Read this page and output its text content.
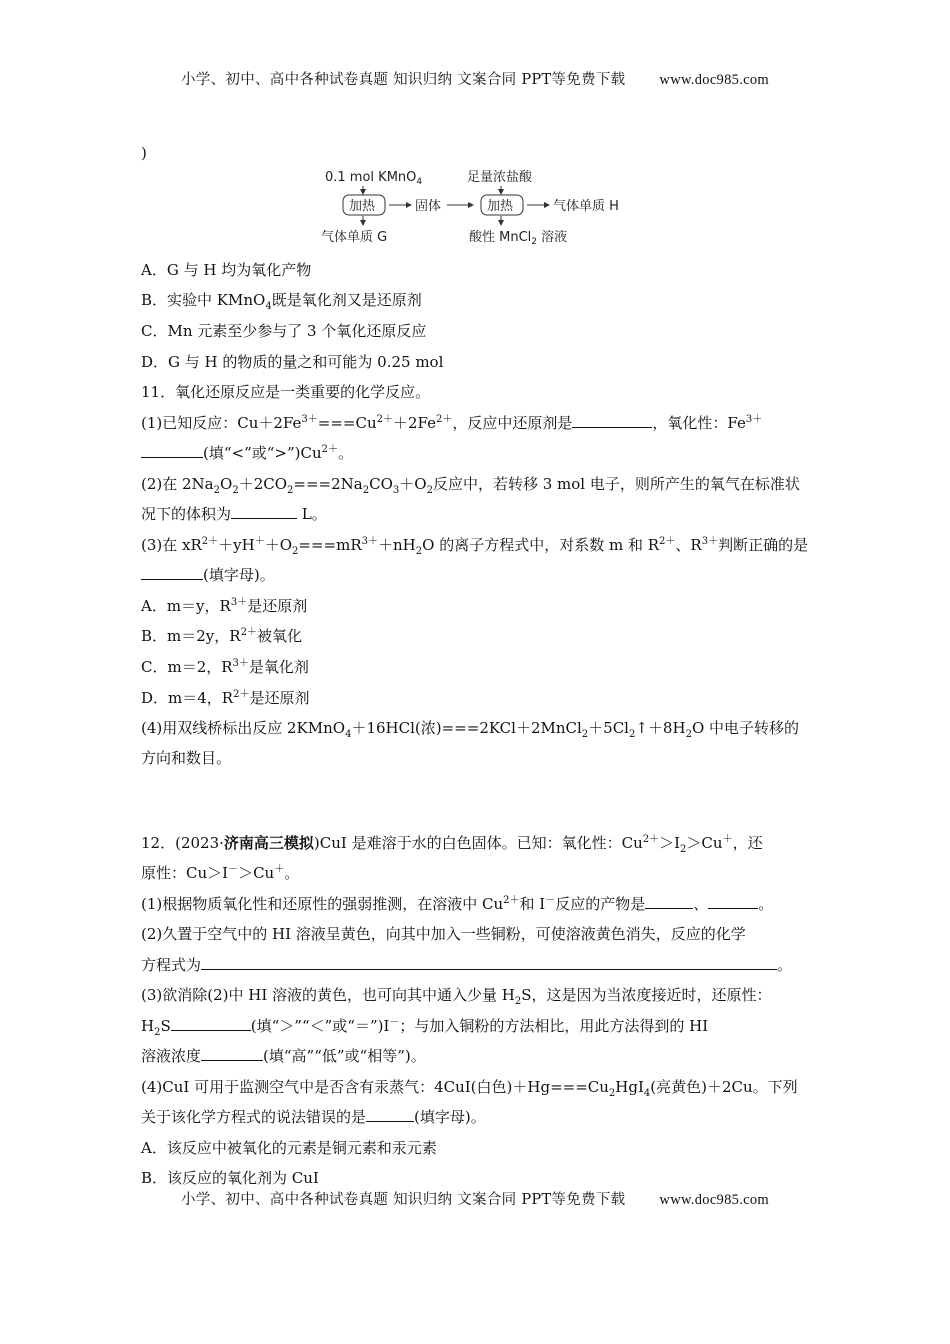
小学、初中、高中各种试卷真题 知识归纳 文案合同 PPT等免费下载 www.doc985.com
)
0.1 mol KMnO$_4$
加热	固体
足量浓盐酸
加热	气体单质 H
气体单质 G	酸性 MnCl$_2$ 溶液
A．G 与 H 均为氧化产物
B．实验中 KMnO$_4$既是氧化剂又是还原剂
C．Mn 元素至少参与了 3 个氧化还原反应
D．G 与 H 的物质的量之和可能为 0.25 mol
11．氧化还原反应是一类重要的化学反应。
(1)已知反应：$Cu+2Fe^{3+}===Cu^{2+}+2Fe^{2+}$，反应中还原剂是	，氧化性：$Fe^{3+}$
(填“<”或“$>”)Cu^{2+}$。
(2)在 $2Na_2O_2+2CO_2===2Na_2CO_3+O_2$反应中，若转移 3 mol 电子，则所产生的氧气在标准状
况下的体积为	L。
(3)在 $xR^{2+}+yH^++O_2===mR^{3+}+nH_2O$ 的离子方程式中，对系数 m 和 $R^{2+}$、$R^{3+}$判断正确的是
(填字母)。
A．m＝y，$R^{3+}$是还原剂
B．m＝2y，$R^{2+}$被氧化
C．m＝2，$R^{3+}$是氧化剂
D．m＝4，$R^{2+}$是还原剂
(4)用双线桥标出反应 2KMnO$_4$＋16HCl(浓)$===2KCl+2MnCl_2+5Cl_2↑+8H_2O$ 中电子转移的
方向和数目。
12．(2023·济南高三模拟)CuI 是难溶于水的白色固体。已知：氧化性：$Cu^{2+}>I_2>Cu^+$，还
原性：Cu＞I－＞Cu＋。
(1)根据物质氧化性和还原性的强弱推测，在溶液中 $Cu^{2+}$和 I－反应的产物是	、	。
(2)久置于空气中的 HI 溶液呈黄色，向其中加入一些铜粉，可使溶液黄色消失，反应的化学
方程式为	。
(3)欲消除(2)中 HI 溶液的黄色，也可向其中通入少量 $H_2S$，这是因为当浓度接近时，还原性：
$H_2S$	(填“＞”“＜”或“＝”)I－；与加入铜粉的方法相比，用此方法得到的 HI
溶液浓度	(填“高”“低”或“相等”)。
(4)CuI 可用于监测空气中是否含有汞蒸气：4CuI(白色)$+Hg===Cu_2HgI_4$(亮黄色)＋2Cu。下列
关于该化学方程式的说法错误的是	(填字母)。
A．该反应中被氧化的元素是铜元素和汞元素
B．该反应的氧化剂为 CuI
小学、初中、高中各种试卷真题 知识归纳 文案合同 PPT等免费下载 www.doc985.com
